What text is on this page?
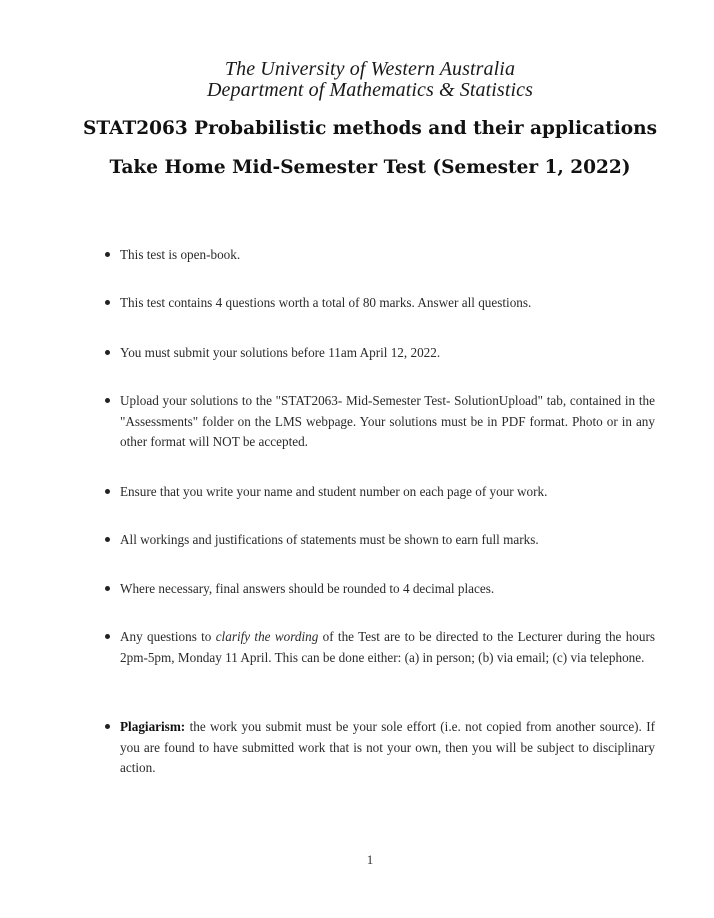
The University of Western Australia
Department of Mathematics & Statistics
STAT2063 Probabilistic methods and their applications
Take Home Mid-Semester Test (Semester 1, 2022)
This test is open-book.
This test contains 4 questions worth a total of 80 marks. Answer all questions.
You must submit your solutions before 11am April 12, 2022.
Upload your solutions to the "STAT2063- Mid-Semester Test- SolutionUpload" tab, contained in the "Assessments" folder on the LMS webpage. Your solutions must be in PDF format. Photo or in any other format will NOT be accepted.
Ensure that you write your name and student number on each page of your work.
All workings and justifications of statements must be shown to earn full marks.
Where necessary, final answers should be rounded to 4 decimal places.
Any questions to clarify the wording of the Test are to be directed to the Lecturer during the hours 2pm-5pm, Monday 11 April. This can be done either: (a) in person; (b) via email; (c) via telephone.
Plagiarism: the work you submit must be your sole effort (i.e. not copied from another source). If you are found to have submitted work that is not your own, then you will be subject to disciplinary action.
1
